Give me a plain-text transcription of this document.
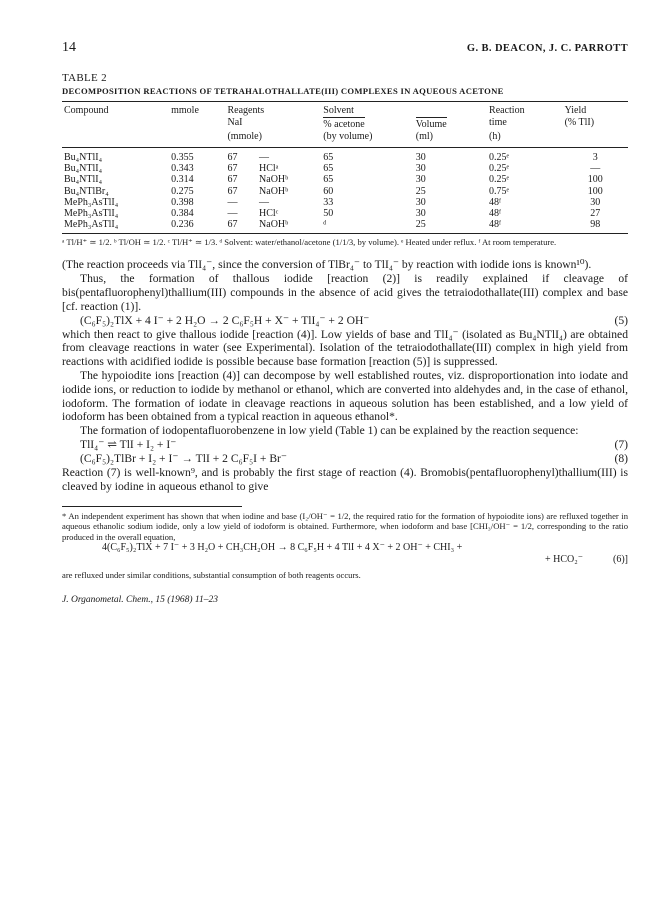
14	G. B. DEACON, J. C. PARROTT
TABLE 2
DECOMPOSITION REACTIONS OF TETRAHALOTHALLATE(III) COMPLEXES IN AQUEOUS ACETONE
Compound	mmole	Reagents		Solvent		Reaction	Yield
		NaI		% acetone	Volume	time	(% TlI)
		(mmole)		(by volume)	(ml)	(h)	
Bu₄NTlI₄	0.355	67	—	65	30	0.25ᵉ	3
Bu₄NTlI₄	0.343	67	HClᵃ	65	30	0.25ᵉ	—
Bu₄NTlI₄	0.314	67	NaOHᵇ	65	30	0.25ᵉ	100
Bu₄NTlBr₄	0.275	67	NaOHᵇ	60	25	0.75ᵉ	100
MePh₃AsTlI₄	0.398	—	—	33	30	48ᶠ	30
MePh₃AsTlI₄	0.384	—	HClᶜ	50	30	48ᶠ	27
MePh₃AsTlI₄	0.236	67	NaOHᵇ	ᵈ	25	48ᶠ	98
ᵃ Tl/H⁺ ≃ 1/2. ᵇ Tl/OH ≃ 1/2. ᶜ Tl/H⁺ ≃ 1/3. ᵈ Solvent: water/ethanol/acetone (1/1/3, by volume). ᵉ Heated under reflux. ᶠ At room temperature.

(The reaction proceeds via TlI₄⁻, since the conversion of TlBr₄⁻ to TlI₄⁻ by reaction with iodide ions is known¹⁰).

Thus, the formation of thallous iodide [reaction (2)] is readily explained if cleavage of bis(pentafluorophenyl)thallium(III) compounds in the absence of acid gives the tetraiodothallate(III) complex and base [cf. reaction (1)].

(C₆F₅)₂TlX + 4 I⁻ + 2 H₂O → 2 C₆F₅H + X⁻ + TlI₄⁻ + 2 OH⁻	(5)

which then react to give thallous iodide [reaction (4)]. Low yields of base and TlI₄⁻ (isolated as Bu₄NTlI₄) are obtained from cleavage reactions in water (see Experimental). Isolation of the tetraiodothallate(III) complex in high yield from reactions with acidified iodide is possible because base formation [reaction (5)] is suppressed.

The hypoiodite ions [reaction (4)] can decompose by well established routes, viz. disproportionation into iodate and iodide ions, or reduction to iodide by methanol or ethanol, which are converted into aldehydes and, in the case of ethanol, iodoform. The formation of iodate in cleavage reactions in aqueous solution has been established, and a low yield of iodoform has been obtained from a typical reaction in aqueous ethanol*.

The formation of iodopentafluorobenzene in low yield (Table 1) can be explained by the reaction sequence:

TlI₄⁻ ⇌ TlI + I₂ + I⁻	(7)
(C₆F₅)₂TlBr + I₂ + I⁻ → TlI + 2 C₆F₅I + Br⁻	(8)

Reaction (7) is well-known⁹, and is probably the first stage of reaction (4). Bromobis(pentafluorophenyl)thallium(III) is cleaved by iodine in aqueous ethanol to give

* An independent experiment has shown that when iodine and base (I₂/OH⁻ = 1/2, the required ratio for the formation of hypoiodite ions) are refluxed together in aqueous ethanolic sodium iodide, only a low yield of iodoform is obtained. Furthermore, when iodoform and base [CHI₃/OH⁻ = 1/2, corresponding to the ratio produced in the overall equation,
4(C₆F₅)₂TlX + 7 I⁻ + 3 H₂O + CH₃CH₂OH → 8 C₆F₅H + 4 TlI + 4 X⁻ + 2 OH⁻ + CHI₃ +
+ HCO₂⁻	(6)]
are refluxed under similar conditions, substantial consumption of both reagents occurs.
J. Organometal. Chem., 15 (1968) 11–23
